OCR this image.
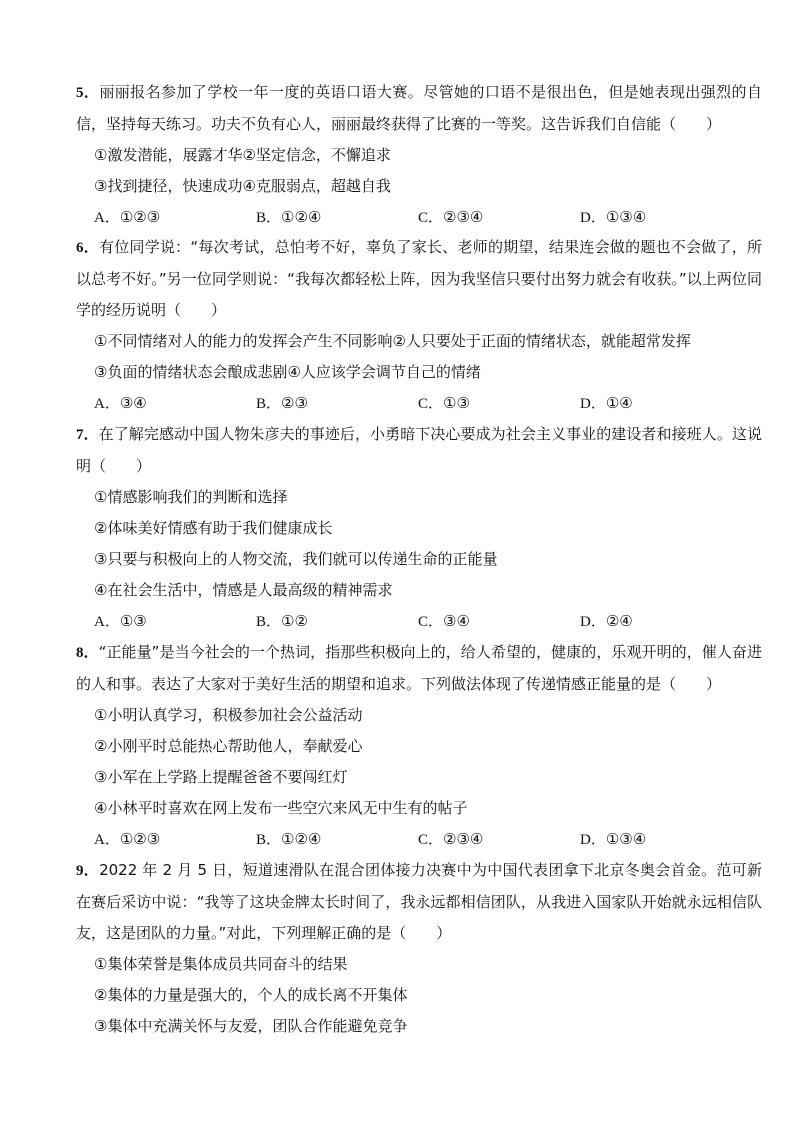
5．丽丽报名参加了学校一年一度的英语口语大赛。尽管她的口语不是很出色，但是她表现出强烈的自信，坚持每天练习。功夫不负有心人，丽丽最终获得了比赛的一等奖。这告诉我们自信能（　　）
①激发潜能，展露才华②坚定信念，不懈追求
③找到捷径，快速成功④克服弱点，超越自我
A．①②③	B．①②④	C．②③④	D．①③④
6．有位同学说：“每次考试，总怕考不好，辜负了家长、老师的期望，结果连会做的题也不会做了，所以总考不好。”另一位同学则说：“我每次都轻松上阵，因为我坚信只要付出努力就会有收获。”以上两位同学的经历说明（　　）
①不同情绪对人的能力的发挥会产生不同影响②人只要处于正面的情绪状态，就能超常发挥
③负面的情绪状态会酿成悲剧④人应该学会调节自己的情绪
A．③④	B．②③	C．①③	D．①④
7．在了解完感动中国人物朱彦夫的事迹后，小勇暗下决心要成为社会主义事业的建设者和接班人。这说明（　　）
①情感影响我们的判断和选择
②体味美好情感有助于我们健康成长
③只要与积极向上的人物交流，我们就可以传递生命的正能量
④在社会生活中，情感是人最高级的精神需求
A．①③	B．①②	C．③④	D．②④
8．“正能量”是当今社会的一个热词，指那些积极向上的，给人希望的，健康的，乐观开明的，催人奋进的人和事。表达了大家对于美好生活的期望和追求。下列做法体现了传递情感正能量的是（　　）
①小明认真学习，积极参加社会公益活动
②小刚平时总能热心帮助他人，奉献爱心
③小军在上学路上提醒爸爸不要闯红灯
④小林平时喜欢在网上发布一些空穴来风无中生有的帖子
A．①②③	B．①②④	C．②③④	D．①③④
9．2022 年 2 月 5 日，短道速滑队在混合团体接力决赛中为中国代表团拿下北京冬奥会首金。范可新在赛后采访中说：“我等了这块金牌太长时间了，我永远都相信团队，从我进入国家队开始就永远相信队友，这是团队的力量。”对此，下列理解正确的是（　　）
①集体荣誉是集体成员共同奋斗的结果
②集体的力量是强大的，个人的成长离不开集体
③集体中充满关怀与友爱，团队合作能避免竞争
